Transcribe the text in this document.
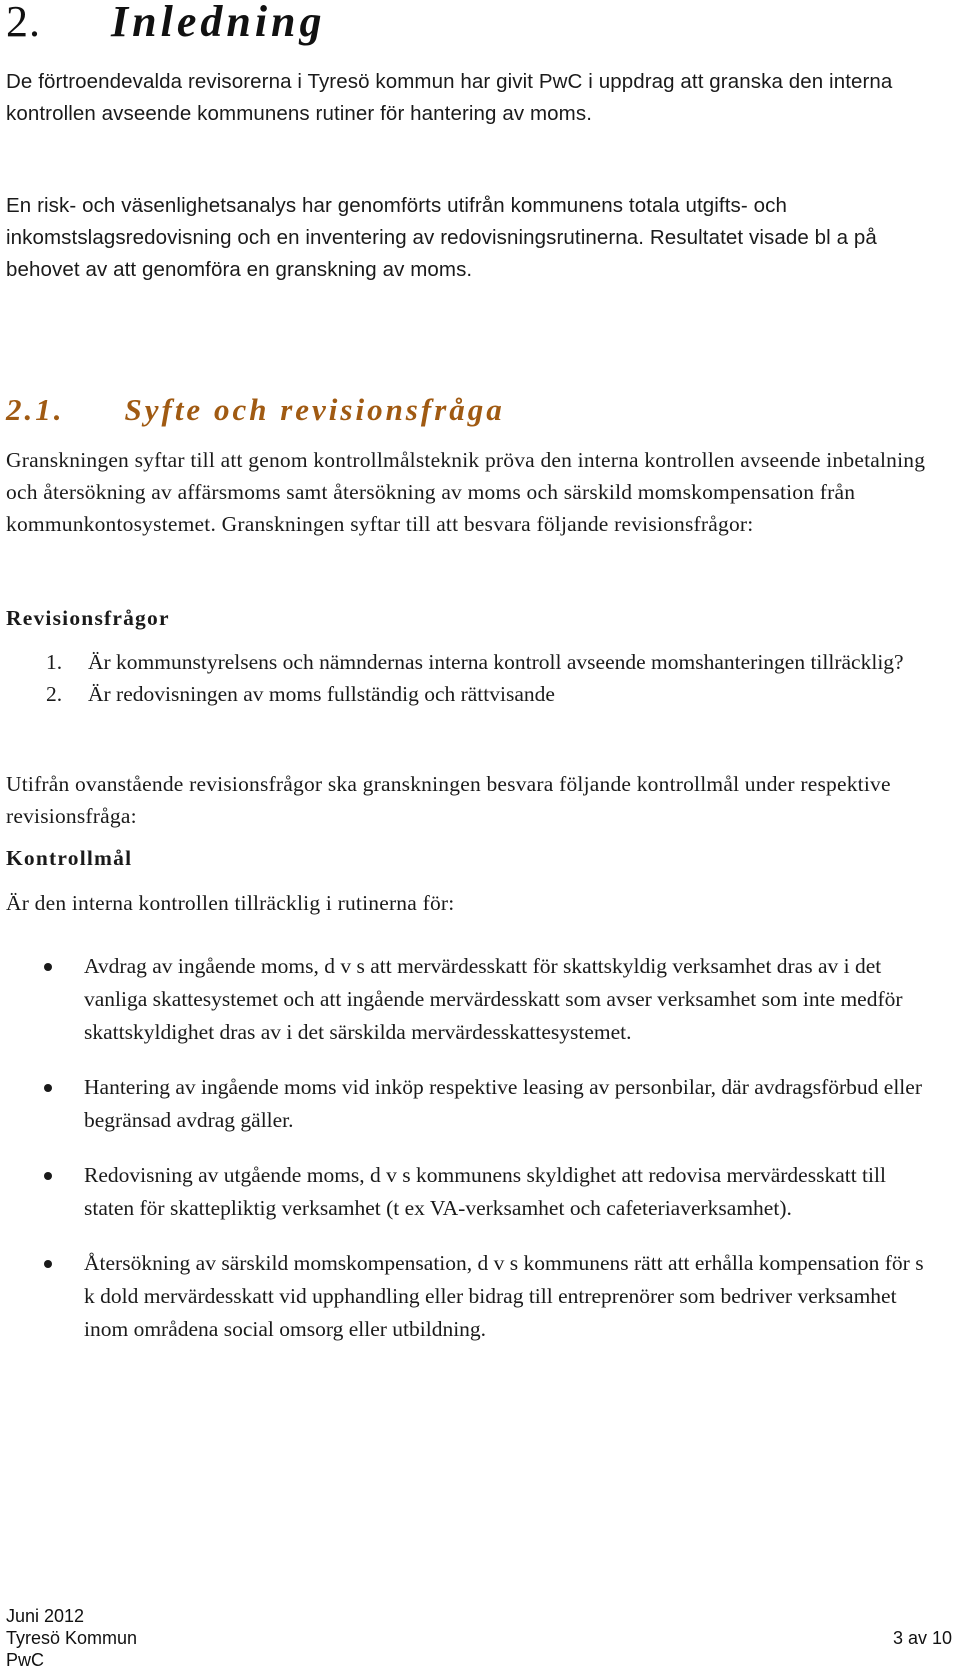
2. Inledning
De förtroendevalda revisorerna i Tyresö kommun har givit PwC i uppdrag att granska den interna kontrollen avseende kommunens rutiner för hantering av moms.
En risk- och väsenlighetsanalys har genomförts utifrån kommunens totala utgifts- och inkomstslagsredovisning och en inventering av redovisningsrutinerna. Resultatet visade bl a på behovet av att genomföra en granskning av moms.
2.1. Syfte och revisionsfråga
Granskningen syftar till att genom kontrollmålsteknik pröva den interna kontrollen avseende inbetalning och återsökning av affärsmoms samt återsökning av moms och särskild momskompensation från kommunkontosystemet. Granskningen syftar till att besvara följande revisionsfrågor:
Revisionsfrågor
1. Är kommunstyrelsens och nämndernas interna kontroll avseende momshanteringen tillräcklig?
2. Är redovisningen av moms fullständig och rättvisande
Utifrån ovanstående revisionsfrågor ska granskningen besvara följande kontrollmål under respektive revisionsfråga:
Kontrollmål
Är den interna kontrollen tillräcklig i rutinerna för:
Avdrag av ingående moms, d v s att mervärdesskatt för skattskyldig verksamhet dras av i det vanliga skattesystemet och att ingående mervärdesskatt som avser verksamhet som inte medför skattskyldighet dras av i det särskilda mervärdesskattesystemet.
Hantering av ingående moms vid inköp respektive leasing av personbilar, där avdragsförbud eller begränsad avdrag gäller.
Redovisning av utgående moms, d v s kommunens skyldighet att redovisa mervärdesskatt till staten för skattepliktig verksamhet (t ex VA-verksamhet och cafeteriaverksamhet).
Återsökning av särskild momskompensation, d v s kommunens rätt att erhålla kompensation för s k dold mervärdesskatt vid upphandling eller bidrag till entreprenörer som bedriver verksamhet inom områdena social omsorg eller utbildning.
Juni 2012
Tyresö Kommun
PwC
3 av 10
